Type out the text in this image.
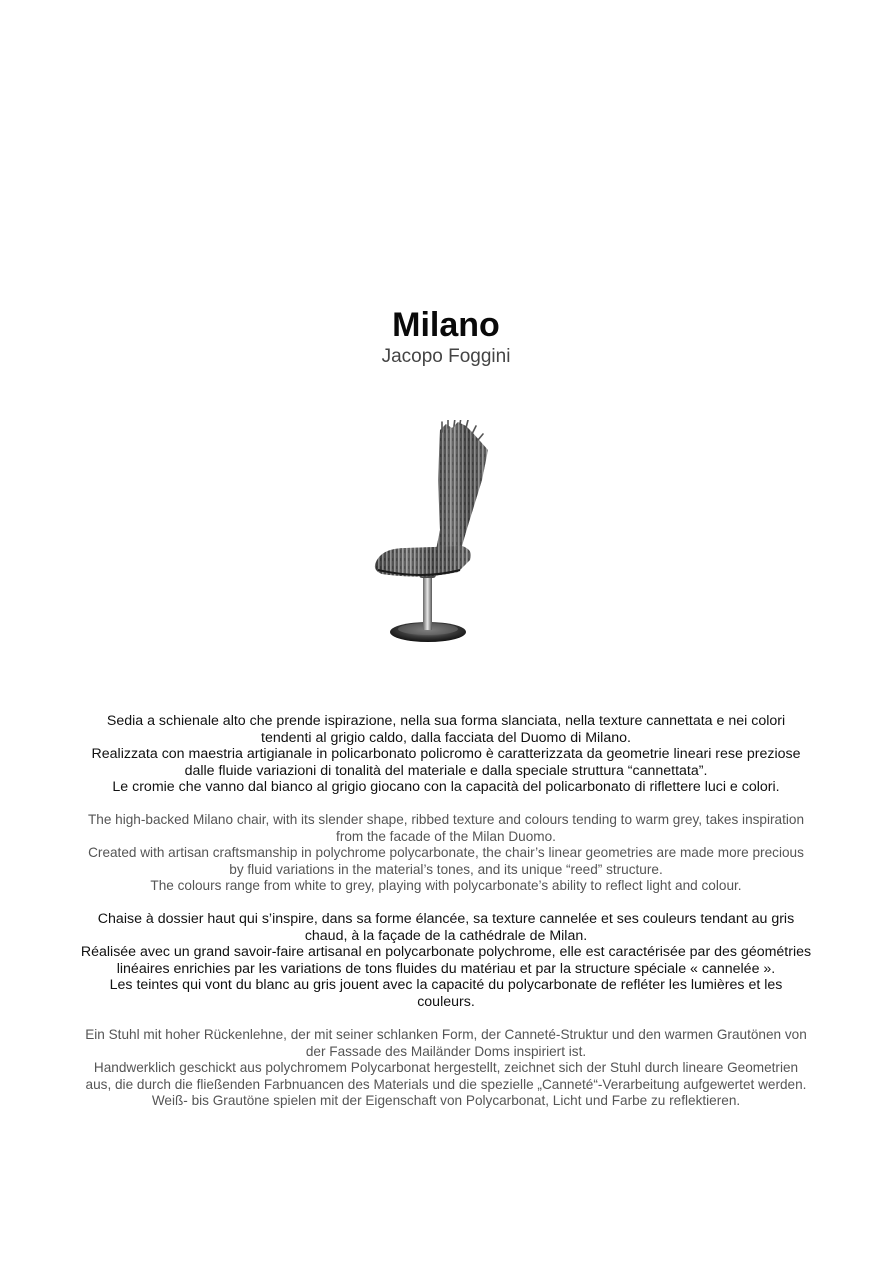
Milano
Jacopo Foggini

Sedia a schienale alto che prende ispirazione, nella sua forma slanciata, nella texture cannettata e nei colori tendenti al grigio caldo, dalla facciata del Duomo di Milano.

Realizzata con maestria artigianale in policarbonato policromo è caratterizzata da geometrie lineari rese preziose dalle fluide variazioni di tonalità del materiale e dalla speciale struttura “cannettata”.

Le cromie che vanno dal bianco al grigio giocano con la capacità del policarbonato di riflettere luci e colori.

The high-backed Milano chair, with its slender shape, ribbed texture and colours tending to warm grey, takes inspiration from the facade of the Milan Duomo.

Created with artisan craftsmanship in polychrome polycarbonate, the chair’s linear geometries are made more precious by fluid variations in the material’s tones, and its unique “reed” structure.

The colours range from white to grey, playing with polycarbonate’s ability to reflect light and colour.

Chaise à dossier haut qui s’inspire, dans sa forme élancée, sa texture cannelée et ses couleurs tendant au gris chaud, à la façade de la cathédrale de Milan.

Réalisée avec un grand savoir-faire artisanal en polycarbonate polychrome, elle est caractérisée par des géométries linéaires enrichies par les variations de tons fluides du matériau et par la structure spéciale « cannelée ».

Les teintes qui vont du blanc au gris jouent avec la capacité du polycarbonate de refléter les lumières et les couleurs.

Ein Stuhl mit hoher Rückenlehne, der mit seiner schlanken Form, der Canneté-Struktur und den warmen Grautönen von der Fassade des Mailänder Doms inspiriert ist.

Handwerklich geschickt aus polychromem Polycarbonat hergestellt, zeichnet sich der Stuhl durch lineare Geometrien aus, die durch die fließenden Farbnuancen des Materials und die spezielle „Canneté“-Verarbeitung aufgewertet werden.

Weiß- bis Grautöne spielen mit der Eigenschaft von Polycarbonat, Licht und Farbe zu reflektieren.
